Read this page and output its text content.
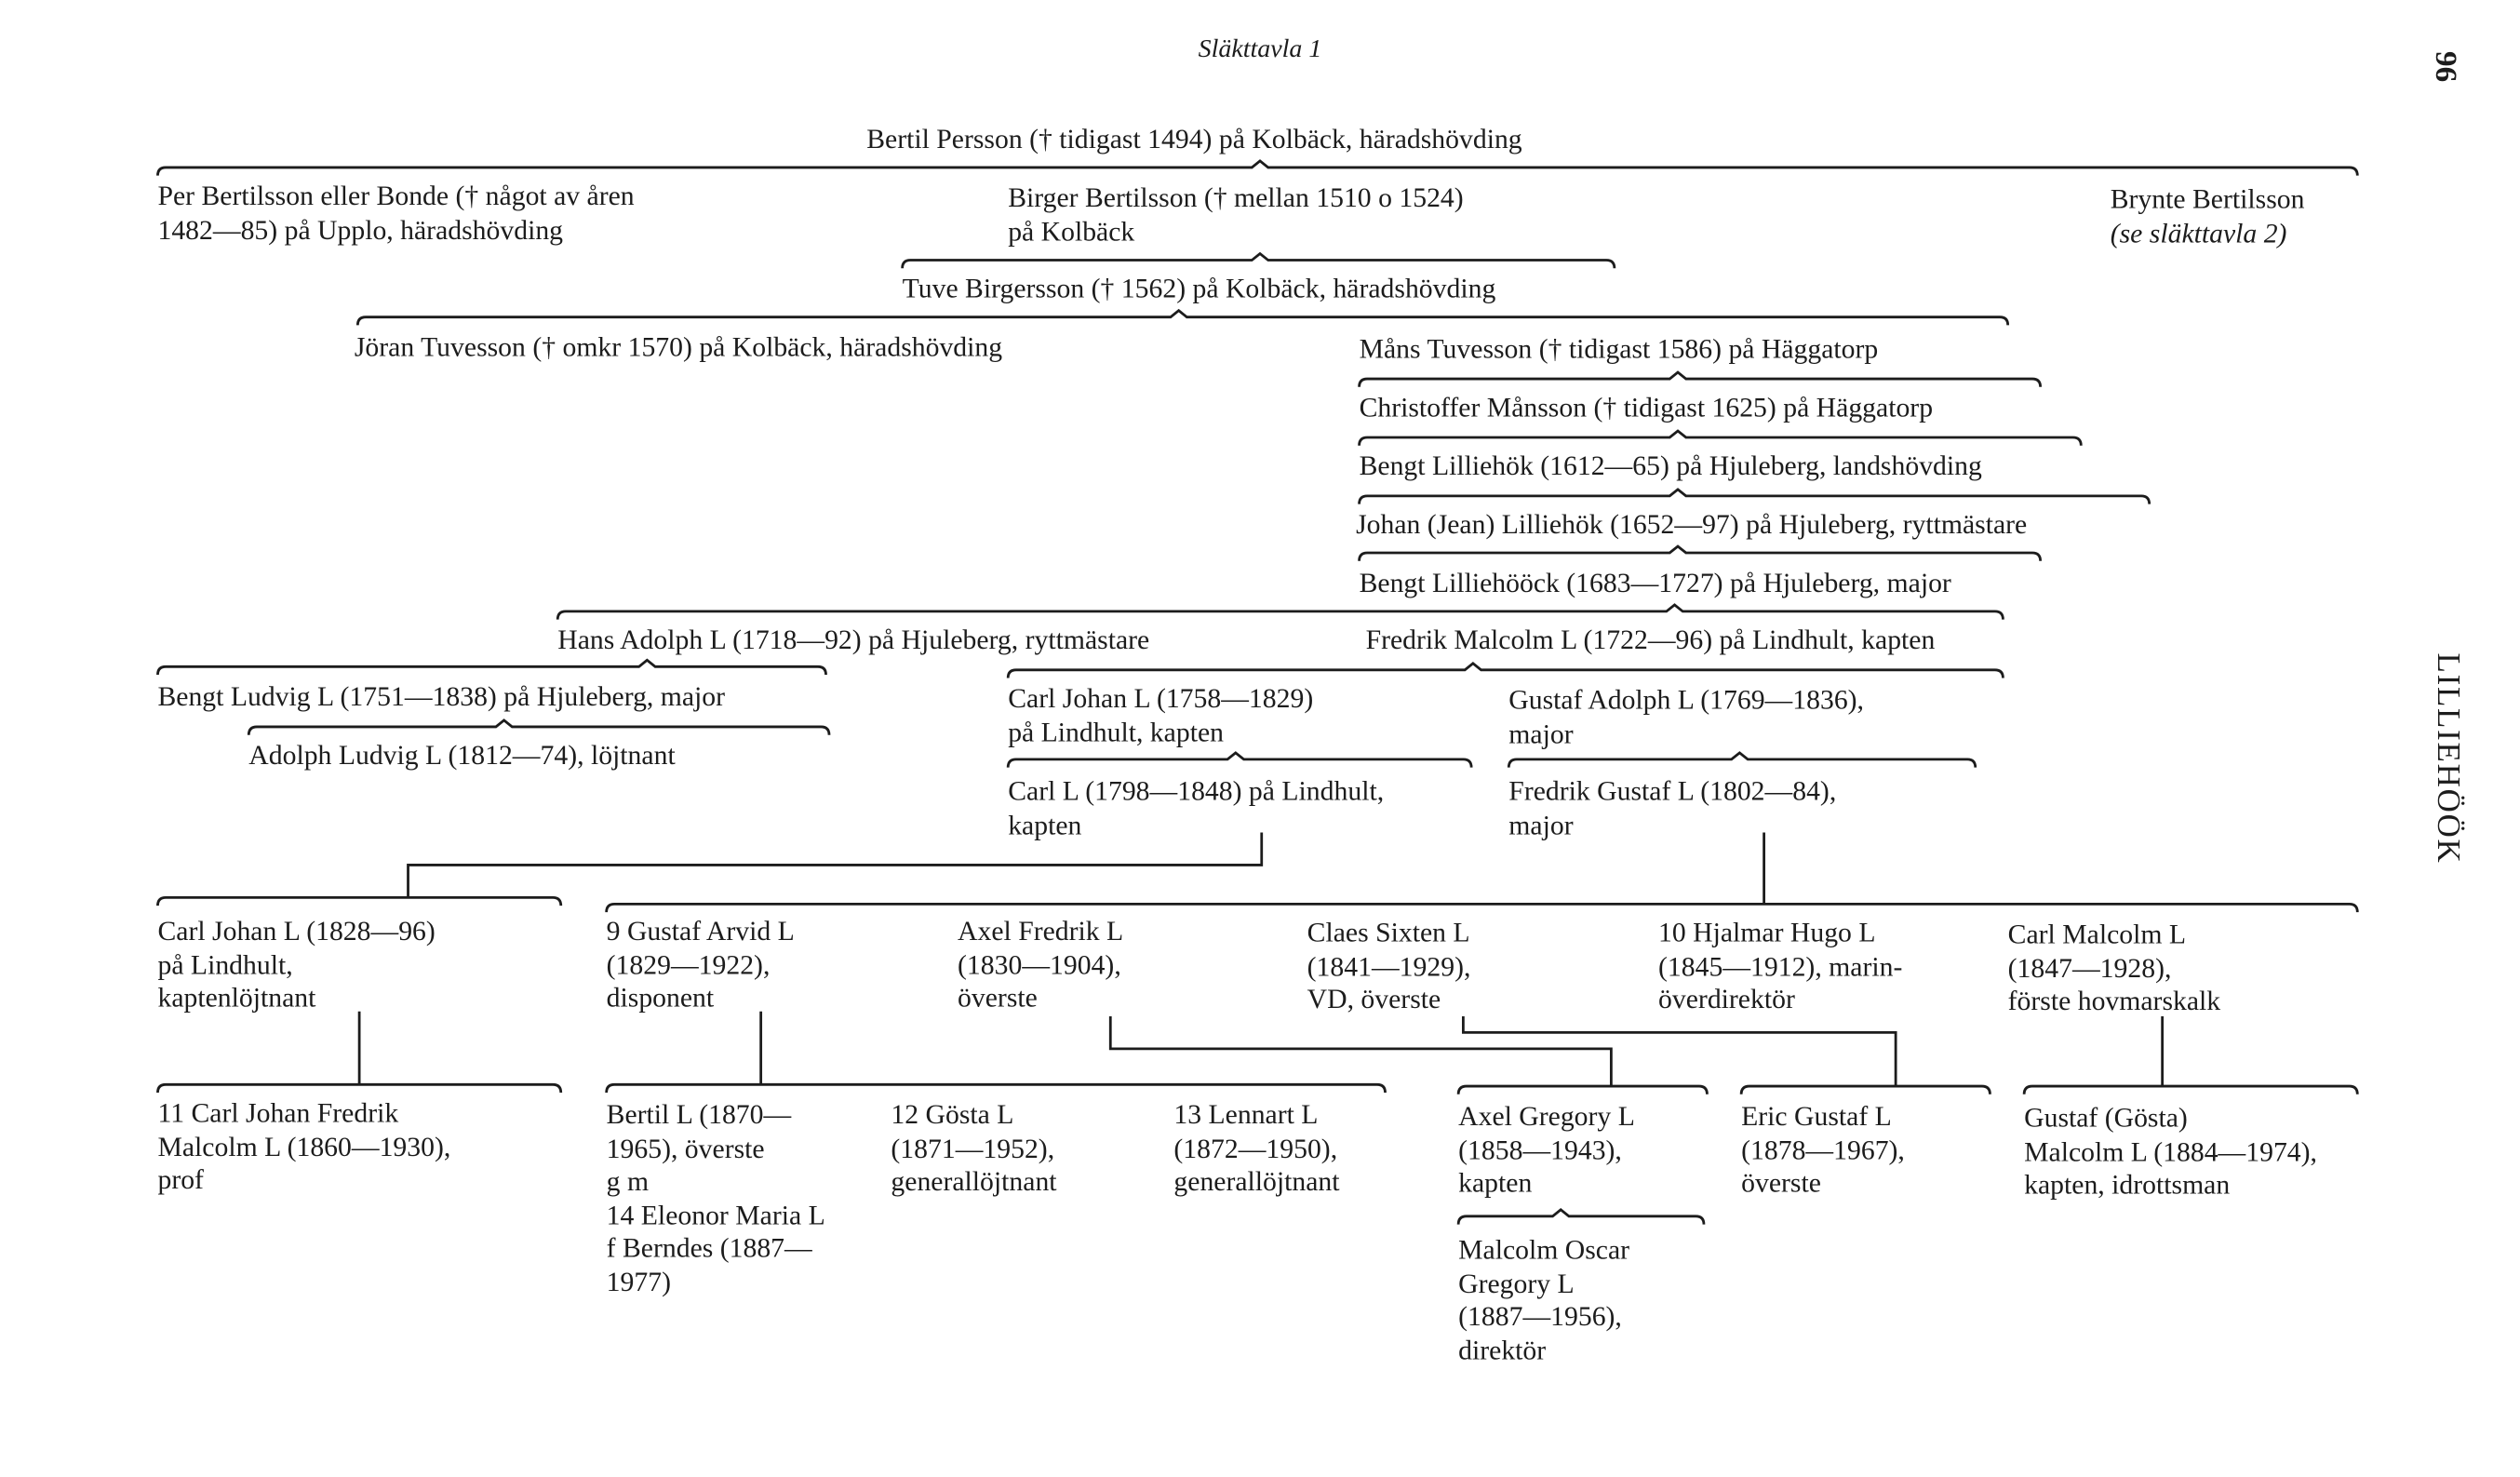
Släkttavla 1
96
LILLIEHÖÖK
Bertil Persson († tidigast 1494) på Kolbäck, häradshövding
Per Bertilsson eller Bonde († något av åren
1482—85) på Upplo, häradshövding
Birger Bertilsson († mellan 1510 o 1524)
på Kolbäck
Brynte Bertilsson
(se släkttavla 2)
Tuve Birgersson († 1562) på Kolbäck, häradshövding
Jöran Tuvesson († omkr 1570) på Kolbäck, häradshövding	Måns Tuvesson († tidigast 1586) på Häggatorp
Christoffer Månsson († tidigast 1625) på Häggatorp
Bengt Lilliehök (1612—65) på Hjuleberg, landshövding
Johan (Jean) Lilliehök (1652—97) på Hjuleberg, ryttmästare
Bengt Lilliehööck (1683—1727) på Hjuleberg, major
Hans Adolph L (1718—92) på Hjuleberg, ryttmästare	Fredrik Malcolm L (1722—96) på Lindhult, kapten
Bengt Ludvig L (1751—1838) på Hjuleberg, major	Carl Johan L (1758—1829)
på Lindhult, kapten
Gustaf Adolph L (1769—1836),
major
Adolph Ludvig L (1812—74), löjtnant
Carl L (1798—1848) på Lindhult,
kapten
Fredrik Gustaf L (1802—84),
major
Carl Johan L (1828—96)
på Lindhult,
kaptenlöjtnant
9 Gustaf Arvid L
(1829—1922),
disponent
Axel Fredrik L
(1830—1904),
överste
Claes Sixten L
(1841—1929),
VD, överste
10 Hjalmar Hugo L
(1845—1912), marin-
överdirektör
Carl Malcolm L
(1847—1928),
förste hovmarskalk
11 Carl Johan Fredrik
Malcolm L (1860—1930),
prof
Bertil L (1870—
1965), överste
g m
14 Eleonor Maria L
f Berndes (1887—
1977)
12 Gösta L
(1871—1952),
generallöjtnant
13 Lennart L
(1872—1950),
generallöjtnant
Axel Gregory L
(1858—1943),
kapten
Eric Gustaf L
(1878—1967),
överste
Gustaf (Gösta)
Malcolm L (1884—1974),
kapten, idrottsman
Malcolm Oscar
Gregory L
(1887—1956),
direktör
